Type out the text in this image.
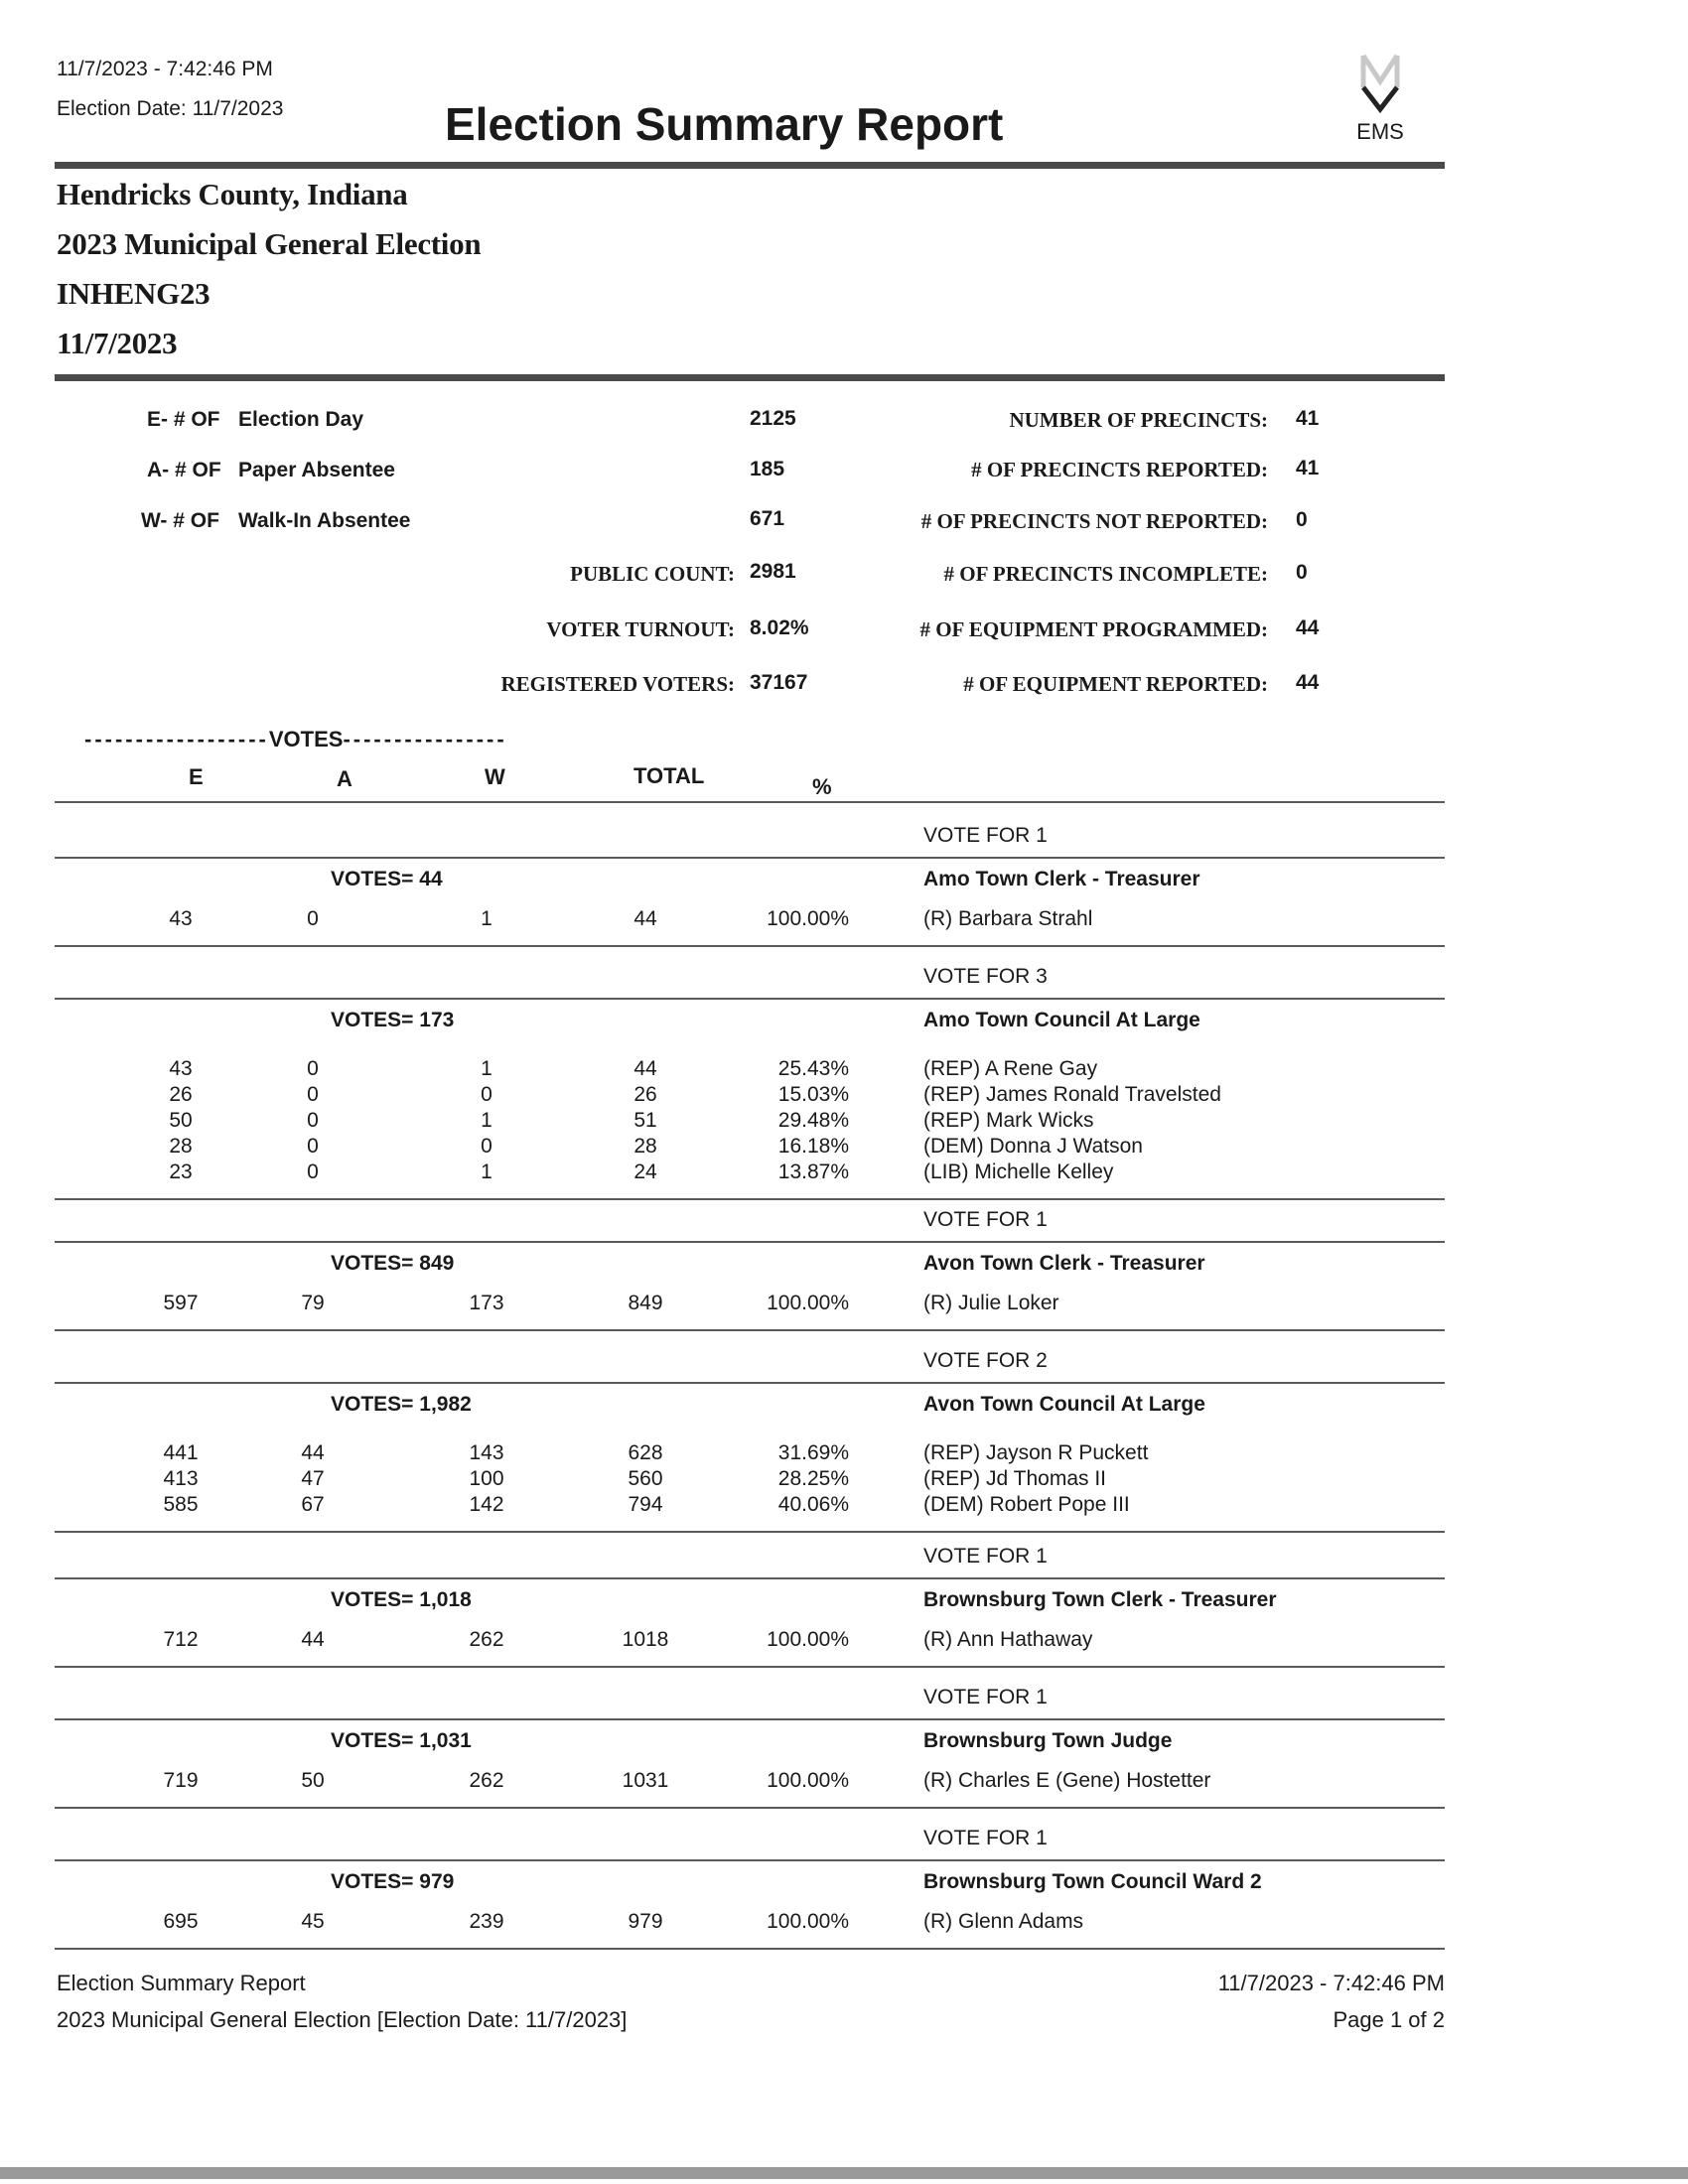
11/7/2023 - 7:42:46 PM
Election Date: 11/7/2023	Election Summary Report	EMS
Hendricks County, Indiana
2023 Municipal General Election
INHENG23
11/7/2023
E- # OF Election Day	2125
A- # OF Paper Absentee	185
W- # OF Walk-In Absentee	671
PUBLIC COUNT: 2981
VOTER TURNOUT: 8.02%
REGISTERED VOTERS: 37167
NUMBER OF PRECINCTS: 41
# OF PRECINCTS REPORTED: 41
# OF PRECINCTS NOT REPORTED: 0
# OF PRECINCTS INCOMPLETE: 0
# OF EQUIPMENT PROGRAMMED: 44
# OF EQUIPMENT REPORTED: 44
------------------VOTES----------------
E	A	W	TOTAL	%
VOTE FOR 1
VOTES= 44	Amo Town Clerk - Treasurer
43	0	1	44	100.00%	(R) Barbara Strahl
VOTE FOR 3
VOTES= 173	Amo Town Council At Large
43	0	1	44	25.43%	(REP) A Rene Gay
26	0	0	26	15.03%	(REP) James Ronald Travelsted
50	0	1	51	29.48%	(REP) Mark Wicks
28	0	0	28	16.18%	(DEM) Donna J Watson
23	0	1	24	13.87%	(LIB) Michelle Kelley
VOTE FOR 1
VOTES= 849	Avon Town Clerk - Treasurer
597	79	173	849	100.00%	(R) Julie Loker
VOTE FOR 2
VOTES= 1,982	Avon Town Council At Large
441	44	143	628	31.69%	(REP) Jayson R Puckett
413	47	100	560	28.25%	(REP) Jd Thomas II
585	67	142	794	40.06%	(DEM) Robert Pope III
VOTE FOR 1
VOTES= 1,018	Brownsburg Town Clerk - Treasurer
712	44	262	1018	100.00%	(R) Ann Hathaway
VOTE FOR 1
VOTES= 1,031	Brownsburg Town Judge
719	50	262	1031	100.00%	(R) Charles E (Gene) Hostetter
VOTE FOR 1
VOTES= 979	Brownsburg Town Council Ward 2
695	45	239	979	100.00%	(R) Glenn Adams
Election Summary Report
2023 Municipal General Election [Election Date: 11/7/2023]
11/7/2023 - 7:42:46 PM
Page 1 of 2
